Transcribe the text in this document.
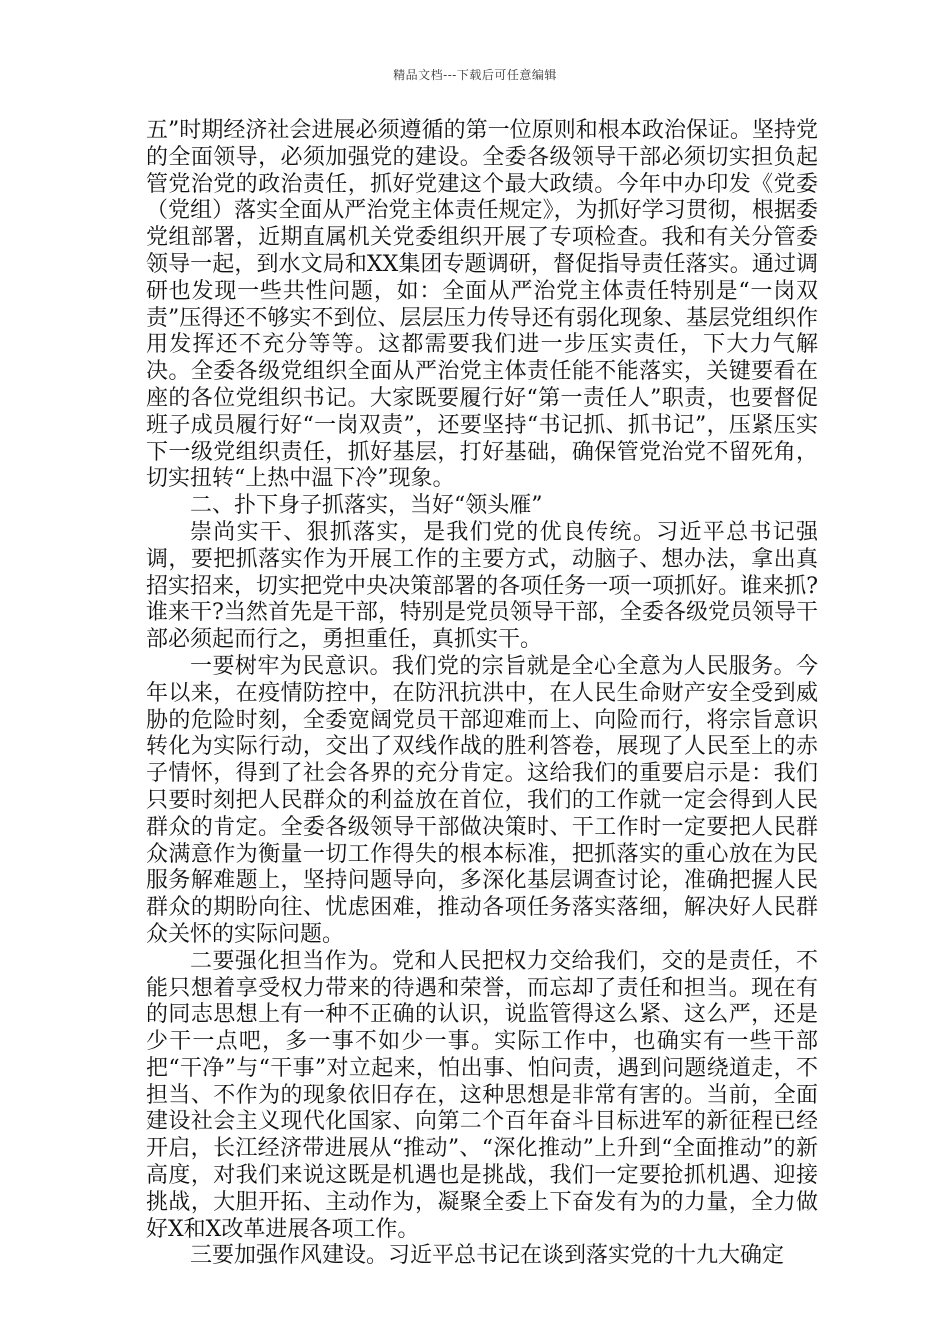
精品文档---下载后可任意编辑

五”时期经济社会进展必须遵循的第一位原则和根本政治保证。坚持党的全面领导，必须加强党的建设。全委各级领导干部必须切实担负起管党治党的政治责任，抓好党建这个最大政绩。今年中办印发《党委（党组）落实全面从严治党主体责任规定》，为抓好学习贯彻，根据委党组部署，近期直属机关党委组织开展了专项检查。我和有关分管委领导一起，到水文局和XX集团专题调研，督促指导责任落实。通过调研也发现一些共性问题，如：全面从严治党主体责任特别是“一岗双责”压得还不够实不到位、层层压力传导还有弱化现象、基层党组织作用发挥还不充分等等。这都需要我们进一步压实责任，下大力气解决。全委各级党组织全面从严治党主体责任能不能落实，关键要看在座的各位党组织书记。大家既要履行好“第一责任人”职责，也要督促班子成员履行好“一岗双责”，还要坚持“书记抓、抓书记”，压紧压实下一级党组织责任，抓好基层，打好基础，确保管党治党不留死角，切实扭转“上热中温下冷”现象。

二、扑下身子抓落实，当好“领头雁”

崇尚实干、狠抓落实，是我们党的优良传统。习近平总书记强调，要把抓落实作为开展工作的主要方式，动脑子、想办法，拿出真招实招来，切实把党中央决策部署的各项任务一项一项抓好。谁来抓?谁来干?当然首先是干部，特别是党员领导干部，全委各级党员领导干部必须起而行之，勇担重任，真抓实干。

一要树牢为民意识。我们党的宗旨就是全心全意为人民服务。今年以来，在疫情防控中，在防汛抗洪中，在人民生命财产安全受到威胁的危险时刻，全委宽阔党员干部迎难而上、向险而行，将宗旨意识转化为实际行动，交出了双线作战的胜利答卷，展现了人民至上的赤子情怀，得到了社会各界的充分肯定。这给我们的重要启示是：我们只要时刻把人民群众的利益放在首位，我们的工作就一定会得到人民群众的肯定。全委各级领导干部做决策时、干工作时一定要把人民群众满意作为衡量一切工作得失的根本标准，把抓落实的重心放在为民服务解难题上，坚持问题导向，多深化基层调查讨论，准确把握人民群众的期盼向往、忧虑困难，推动各项任务落实落细，解决好人民群众关怀的实际问题。

二要强化担当作为。党和人民把权力交给我们，交的是责任，不能只想着享受权力带来的待遇和荣誉，而忘却了责任和担当。现在有的同志思想上有一种不正确的认识，说监管得这么紧、这么严，还是少干一点吧，多一事不如少一事。实际工作中，也确实有一些干部把“干净”与“干事”对立起来，怕出事、怕问责，遇到问题绕道走，不担当、不作为的现象依旧存在，这种思想是非常有害的。当前，全面建设社会主义现代化国家、向第二个百年奋斗目标进军的新征程已经开启，长江经济带进展从“推动”、“深化推动”上升到“全面推动”的新高度，对我们来说这既是机遇也是挑战，我们一定要抢抓机遇、迎接挑战，大胆开拓、主动作为，凝聚全委上下奋发有为的力量，全力做好X和X改革进展各项工作。

三要加强作风建设。习近平总书记在谈到落实党的十九大确定
